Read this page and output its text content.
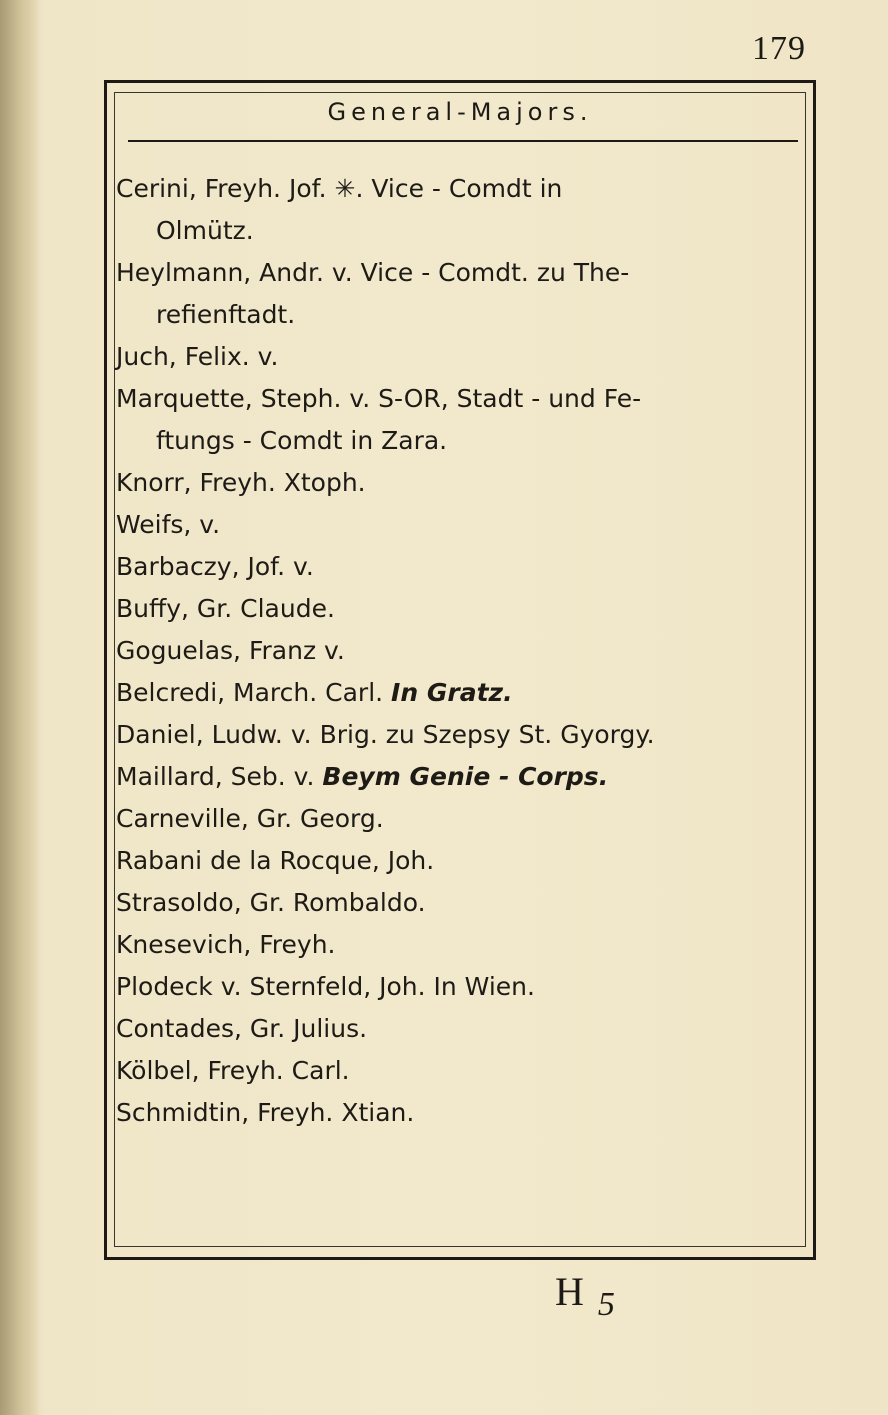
179
General-Majors.
Cerini, Freyh. Jof. ✳. Vice - Comdt in
Olmütz.
Heylmann, Andr. v. Vice - Comdt. zu The-
refienftadt.
Juch, Felix. v.
Marquette, Steph. v. S-OR, Stadt - und Fe-
ftungs - Comdt in Zara.
Knorr, Freyh. Xtoph.
Weifs, v.
Barbaczy, Jof. v.
Buffy, Gr. Claude.
Goguelas, Franz v.
Belcredi, March. Carl. In Gratz.
Daniel, Ludw. v. Brig. zu Szepsy St. Gyorgy.
Maillard, Seb. v. Beym Genie - Corps.
Carneville, Gr. Georg.
Rabani de la Rocque, Joh.
Strasoldo, Gr. Rombaldo.
Knesevich, Freyh.
Plodeck v. Sternfeld, Joh. In Wien.
Contades, Gr. Julius.
Kölbel, Freyh. Carl.
Schmidtin, Freyh. Xtian.
H $_5$
